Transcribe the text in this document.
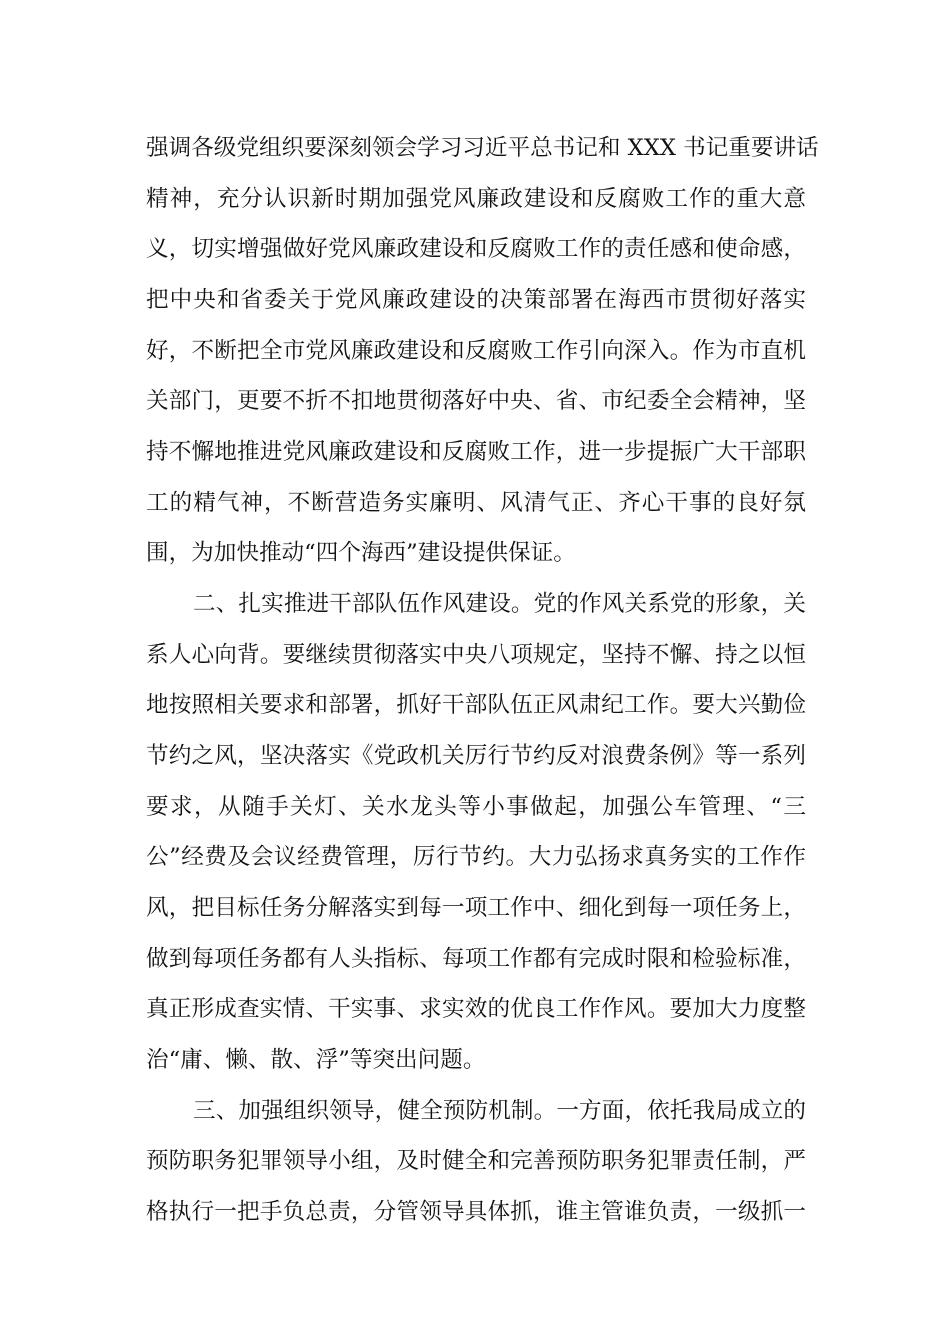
强调各级党组织要深刻领会学习习近平总书记和 XXX 书记重要讲话
精神，充分认识新时期加强党风廉政建设和反腐败工作的重大意
义，切实增强做好党风廉政建设和反腐败工作的责任感和使命感，
把中央和省委关于党风廉政建设的决策部署在海西市贯彻好落实
好，不断把全市党风廉政建设和反腐败工作引向深入。作为市直机
关部门，更要不折不扣地贯彻落好中央、省、市纪委全会精神，坚
持不懈地推进党风廉政建设和反腐败工作，进一步提振广大干部职
工的精气神，不断营造务实廉明、风清气正、齐心干事的良好氛
围，为加快推动“四个海西”建设提供保证。
二、扎实推进干部队伍作风建设。党的作风关系党的形象，关
系人心向背。要继续贯彻落实中央八项规定，坚持不懈、持之以恒
地按照相关要求和部署，抓好干部队伍正风肃纪工作。要大兴勤俭
节约之风，坚决落实《党政机关厉行节约反对浪费条例》等一系列
要求，从随手关灯、关水龙头等小事做起，加强公车管理、“三
公”经费及会议经费管理，厉行节约。大力弘扬求真务实的工作作
风，把目标任务分解落实到每一项工作中、细化到每一项任务上，
做到每项任务都有人头指标、每项工作都有完成时限和检验标准，
真正形成查实情、干实事、求实效的优良工作作风。要加大力度整
治“庸、懒、散、浮”等突出问题。
三、加强组织领导，健全预防机制。一方面，依托我局成立的
预防职务犯罪领导小组，及时健全和完善预防职务犯罪责任制，严
格执行一把手负总责，分管领导具体抓，谁主管谁负责，一级抓一
